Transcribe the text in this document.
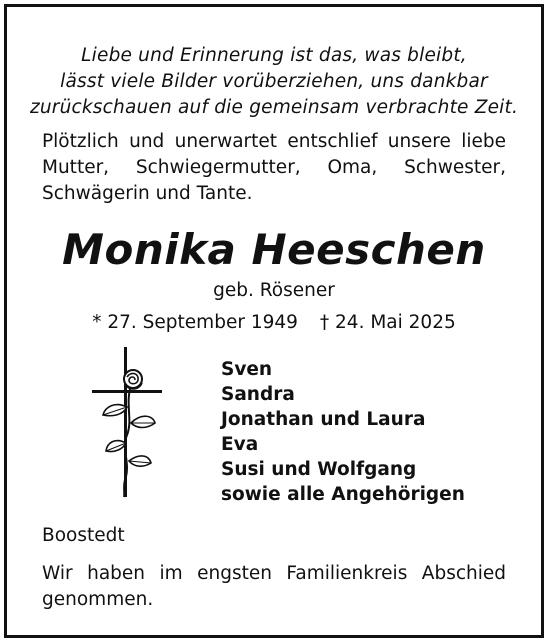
Liebe und Erinnerung ist das, was bleibt,
lässt viele Bilder vorüberziehen, uns dankbar
zurückschauen auf die gemeinsam verbrachte Zeit.
Plötzlich und unerwartet entschlief unsere liebe
Mutter, Schwiegermutter, Oma, Schwester,
Schwägerin und Tante.
Monika Heeschen
geb. Rösener
* 27. September 1949 † 24. Mai 2025
Sven
Sandra
Jonathan und Laura
Eva
Susi und Wolfgang
sowie alle Angehörigen
Boostedt
Wir haben im engsten Familienkreis Abschied
genommen.
